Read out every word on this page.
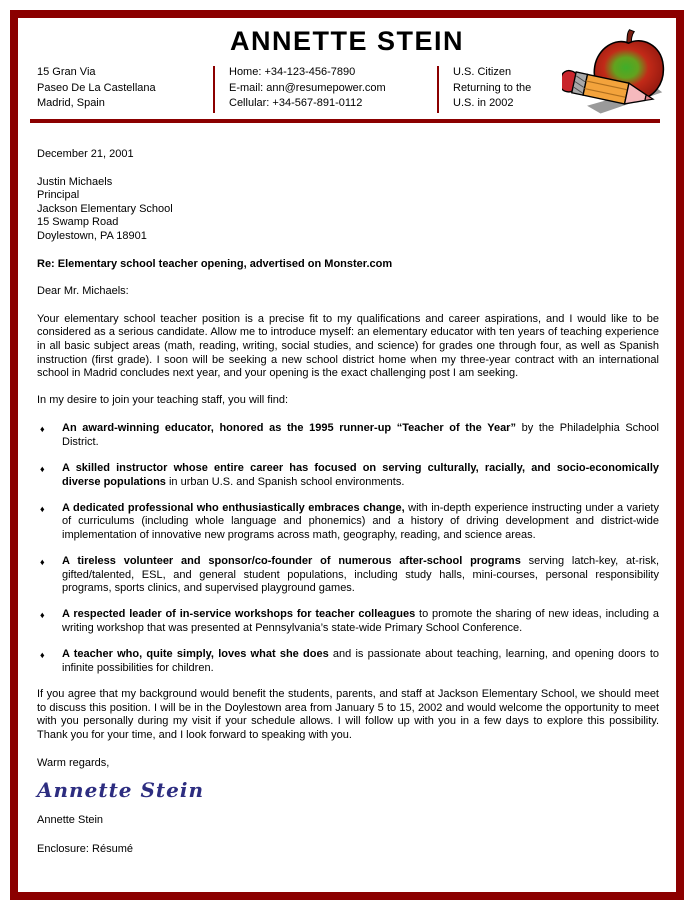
ANNETTE STEIN
15 Gran Via
Paseo De La Castellana
Madrid, Spain
Home: +34-123-456-7890
E-mail: ann@resumepower.com
Cellular: +34-567-891-0112
U.S. Citizen
Returning to the
U.S. in 2002
December 21, 2001
Justin Michaels
Principal
Jackson Elementary School
15 Swamp Road
Doylestown, PA 18901
Re: Elementary school teacher opening, advertised on Monster.com
Dear Mr. Michaels:

Your elementary school teacher position is a precise fit to my qualifications and career aspirations, and I would like to be considered as a serious candidate. Allow me to introduce myself: an elementary educator with ten years of teaching experience in all basic subject areas (math, reading, writing, social studies, and science) for grades one through four, as well as Spanish instruction (first grade). I soon will be seeking a new school district home when my three-year contract with an international school in Madrid concludes next year, and your opening is the exact challenging post I am seeking.

In my desire to join your teaching staff, you will find:
♦ An award-winning educator, honored as the 1995 runner-up “Teacher of the Year” by the Philadelphia School District.
♦ A skilled instructor whose entire career has focused on serving culturally, racially, and socio-economically diverse populations in urban U.S. and Spanish school environments.
♦ A dedicated professional who enthusiastically embraces change, with in-depth experience instructing under a variety of curriculums (including whole language and phonemics) and a history of driving development and district-wide implementation of innovative new programs across math, geography, reading, and science areas.
♦ A tireless volunteer and sponsor/co-founder of numerous after-school programs serving latch-key, at-risk, gifted/talented, ESL, and general student populations, including study halls, mini-courses, personal responsibility programs, sports clinics, and supervised playground games.
♦ A respected leader of in-service workshops for teacher colleagues to promote the sharing of new ideas, including a writing workshop that was presented at Pennsylvania’s state-wide Primary School Conference.
♦ A teacher who, quite simply, loves what she does and is passionate about teaching, learning, and opening doors to infinite possibilities for children.

If you agree that my background would benefit the students, parents, and staff at Jackson Elementary School, we should meet to discuss this position. I will be in the Doylestown area from January 5 to 15, 2002 and would welcome the opportunity to meet with you personally during my visit if your schedule allows. I will follow up with you in a few days to explore this possibility. Thank you for your time, and I look forward to speaking with you.

Warm regards,
Annette Stein
Annette Stein
Enclosure: Résumé
